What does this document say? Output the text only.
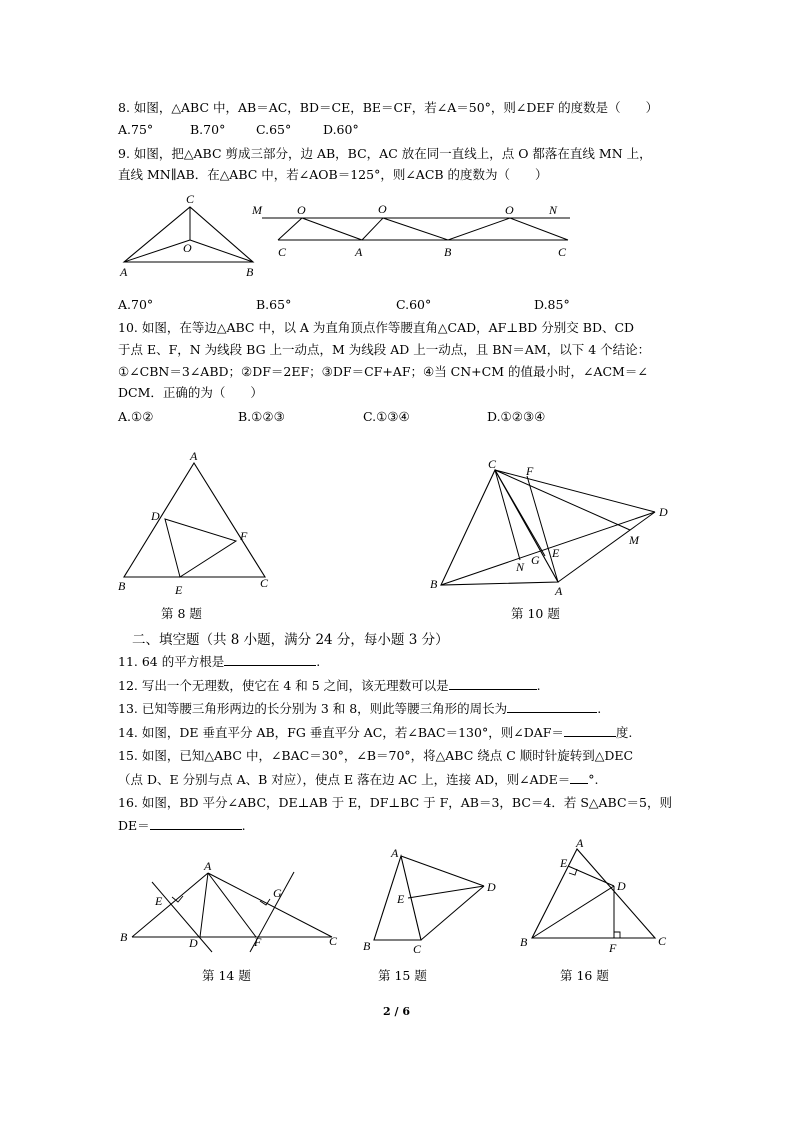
8. 如图，△ABC 中，AB＝AC，BD＝CE，BE＝CF，若∠A＝50°，则∠DEF 的度数是（　　）
A.75°	B.70° C.65°	D.60°
9. 如图，把△ABC 剪成三部分，边 AB，BC，AC 放在同一直线上，点 O 都落在直线 MN 上，
直线 MN∥AB．在△ABC 中，若∠AOB＝125°，则∠ACB 的度数为（　　）
C
O
A	B
M	O	O	O	N
C	A	B	C
A.70°	B.65°	C.60°	D.85°
10. 如图，在等边△ABC 中，以 A 为直角顶点作等腰直角△CAD，AF⊥BD 分别交 BD、CD
于点 E、F，N 为线段 BG 上一动点，M 为线段 AD 上一动点，且 BN＝AM，以下 4 个结论：
①∠CBN＝3∠ABD；②DF＝2EF；③DF＝CF+AF；④当 CN+CM 的值最小时，∠ACM＝∠
DCM．正确的为（　　）
A.①②	B.①②③	C.①③④	D.①②③④
A
D
F
B	E	C
C F
D
M
E
G
N
B	A
第 8 题	第 10 题
二、填空题（共 8 小题，满分 24 分，每小题 3 分）
11. 64 的平方根是	.
12. 写出一个无理数，使它在 4 和 5 之间，该无理数可以是	.
13. 已知等腰三角形两边的长分别为 3 和 8，则此等腰三角形的周长为	.
14. 如图，DE 垂直平分 AB，FG 垂直平分 AC，若∠BAC＝130°，则∠DAF＝	度.
15. 如图，已知△ABC 中，∠BAC＝30°，∠B＝70°，将△ABC 绕点 C 顺时针旋转到△DEC
（点 D、E 分别与点 A、B 对应），使点 E 落在边 AC 上，连接 AD，则∠ADE＝ °.
16. 如图，BD 平分∠ABC，DE⊥AB 于 E，DF⊥BC 于 F，AB＝3，BC＝4．若 S△ABC＝5，则
DE＝	.
A
E
G
B	D	F	C
A
E
D
B	C
A
E
D
B	F	C
第 14 题	第 15 题	第 16 题
2 / 6
